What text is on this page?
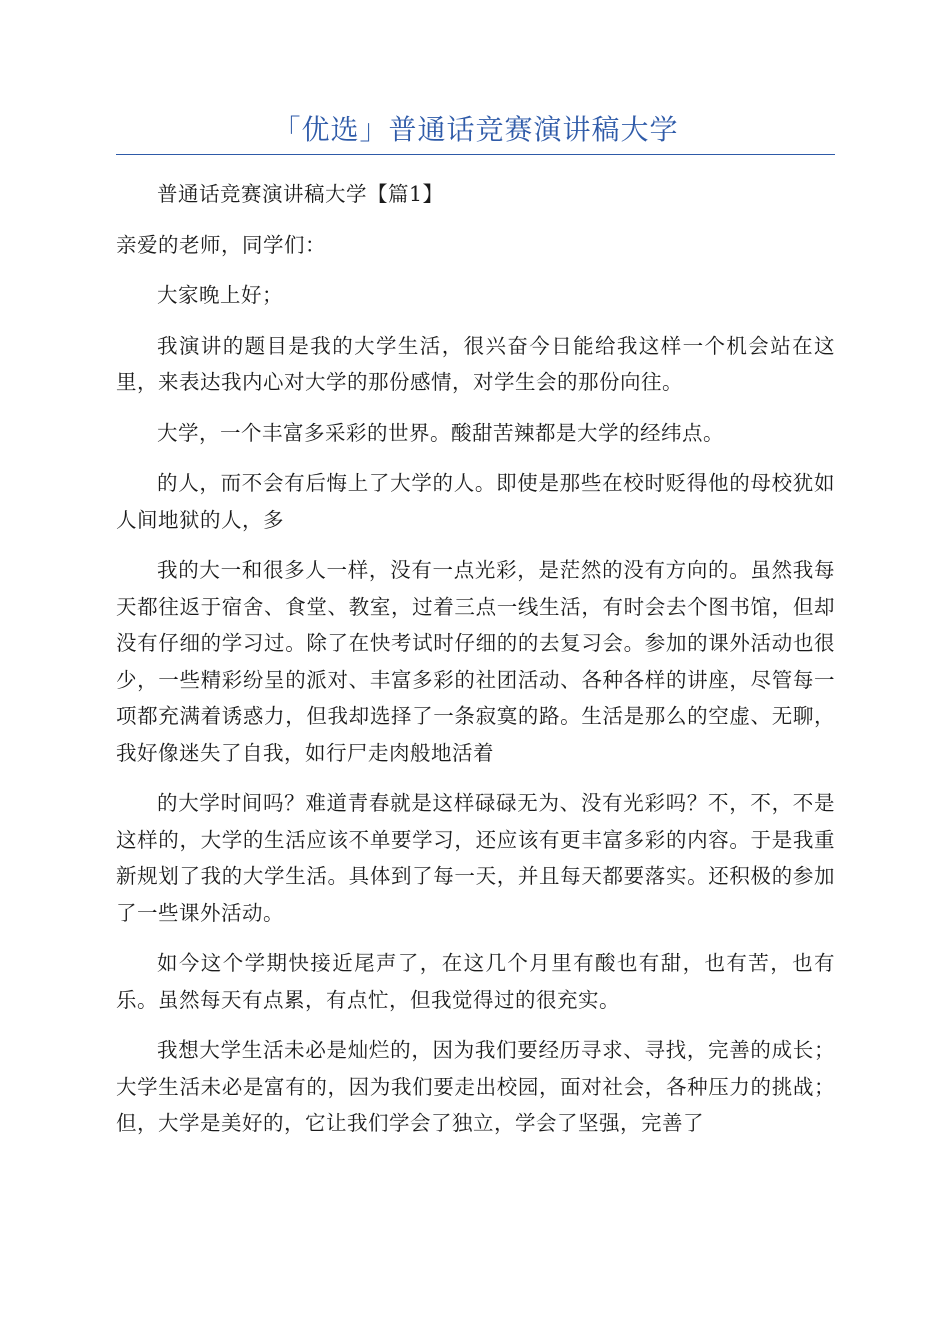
「优选」普通话竞赛演讲稿大学

普通话竞赛演讲稿大学【篇1】

亲爱的老师，同学们：

大家晚上好；

我演讲的题目是我的大学生活，很兴奋今日能给我这样一个机会站在这里，来表达我内心对大学的那份感情，对学生会的那份向往。

大学，一个丰富多采彩的世界。酸甜苦辣都是大学的经纬点。

的人，而不会有后悔上了大学的人。即使是那些在校时贬得他的母校犹如人间地狱的人，多

我的大一和很多人一样，没有一点光彩，是茫然的没有方向的。虽然我每天都往返于宿舍、食堂、教室，过着三点一线生活，有时会去个图书馆，但却没有仔细的学习过。除了在快考试时仔细的的去复习会。参加的课外活动也很少，一些精彩纷呈的派对、丰富多彩的社团活动、各种各样的讲座，尽管每一项都充满着诱惑力，但我却选择了一条寂寞的路。生活是那么的空虚、无聊，我好像迷失了自我，如行尸走肉般地活着

的大学时间吗？难道青春就是这样碌碌无为、没有光彩吗？不，不，不是这样的，大学的生活应该不单要学习，还应该有更丰富多彩的内容。于是我重新规划了我的大学生活。具体到了每一天，并且每天都要落实。还积极的参加了一些课外活动。

如今这个学期快接近尾声了，在这几个月里有酸也有甜，也有苦，也有乐。虽然每天有点累，有点忙，但我觉得过的很充实。

我想大学生活未必是灿烂的，因为我们要经历寻求、寻找，完善的成长；大学生活未必是富有的，因为我们要走出校园，面对社会，各种压力的挑战；但，大学是美好的，它让我们学会了独立，学会了坚强，完善了
